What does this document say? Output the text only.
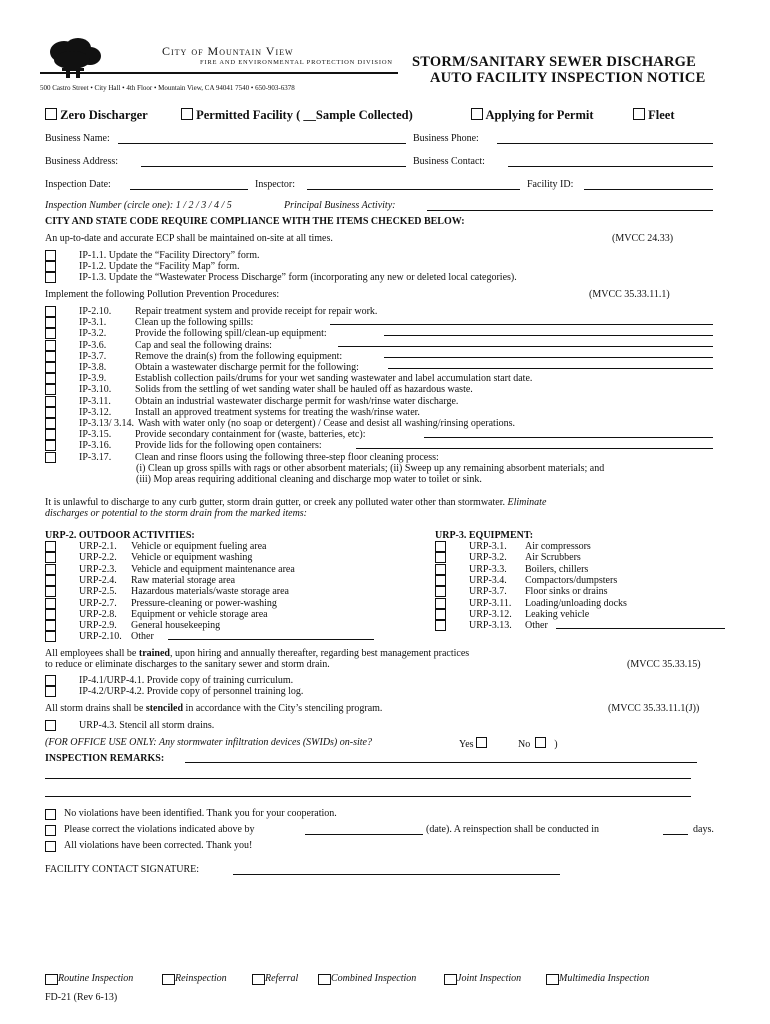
City of Mountain View
FIRE AND ENVIRONMENTAL PROTECTION DIVISION
500 Castro Street • City Hall • 4th Floor • Mountain View, CA 94041 7540 • 650-903-6378
STORM/SANITARY SEWER DISCHARGE
AUTO FACILITY INSPECTION NOTICE
Zero Discharger	Permitted Facility ( __Sample Collected)	Applying for Permit	Fleet
Business Name:	Business Phone:
Business Address:	Business Contact:
Inspection Date:	Inspector:	Facility ID:
Inspection Number (circle one): 1 / 2 / 3 / 4 / 5	Principal Business Activity:
CITY AND STATE CODE REQUIRE COMPLIANCE WITH THE ITEMS CHECKED BELOW:
An up-to-date and accurate ECP shall be maintained on-site at all times.	(MVCC 24.33)
IP-1.1. Update the “Facility Directory” form.
IP-1.2. Update the “Facility Map” form.
IP-1.3. Update the “Wastewater Process Discharge” form (incorporating any new or deleted local categories).
Implement the following Pollution Prevention Procedures:	(MVCC 35.33.11.1)
IP-2.10. Repair treatment system and provide receipt for repair work.
IP-3.1.	Clean up the following spills:
IP-3.2.	Provide the following spill/clean-up equipment:
IP-3.6.	Cap and seal the following drains:
IP-3.7.	Remove the drain(s) from the following equipment:
IP-3.8.	Obtain a wastewater discharge permit for the following:
IP-3.9.	Establish collection pails/drums for your wet sanding wastewater and label accumulation start date.
IP-3.10. Solids from the settling of wet sanding water shall be hauled off as hazardous waste.
IP-3.11. Obtain an industrial wastewater discharge permit for wash/rinse water discharge.
IP-3.12. Install an approved treatment systems for treating the wash/rinse water.
IP-3.13/ 3.14. Wash with water only (no soap or detergent) / Cease and desist all washing/rinsing operations.
IP-3.15. Provide secondary containment for (waste, batteries, etc):
IP-3.16. Provide lids for the following open containers:
IP-3.17. Clean and rinse floors using the following three-step floor cleaning process:
(i) Clean up gross spills with rags or other absorbent materials; (ii) Sweep up any remaining absorbent materials; and
(iii) Mop areas requiring additional cleaning and discharge mop water to toilet or sink.
It is unlawful to discharge to any curb gutter, storm drain gutter, or creek any polluted water other than stormwater. Eliminate
discharges or potential to the storm drain from the marked items:
URP-2. OUTDOOR ACTIVITIES:	URP-3. EQUIPMENT:
URP-2.1. Vehicle or equipment fueling area
URP-2.2. Vehicle or equipment washing
URP-2.3. Vehicle and equipment maintenance area
URP-2.4. Raw material storage area
URP-2.5. Hazardous materials/waste storage area
URP-2.7. Pressure-cleaning or power-washing
URP-2.8. Equipment or vehicle storage area
URP-2.9. General housekeeping
URP-2.10. Other
URP-3.1. Air compressors
URP-3.2. Air Scrubbers
URP-3.3. Boilers, chillers
URP-3.4. Compactors/dumpsters
URP-3.7. Floor sinks or drains
URP-3.11. Loading/unloading docks
URP-3.12. Leaking vehicle
URP-3.13. Other
All employees shall be trained, upon hiring and annually thereafter, regarding best management practices
to reduce or eliminate discharges to the sanitary sewer and storm drain.	(MVCC 35.33.15)
IP-4.1/URP-4.1. Provide copy of training curriculum.
IP-4.2/URP-4.2. Provide copy of personnel training log.
All storm drains shall be stenciled in accordance with the City’s stenciling program.	(MVCC 35.33.11.1(J))
URP-4.3. Stencil all storm drains.
(FOR OFFICE USE ONLY: Any stormwater infiltration devices (SWIDs) on-site?	Yes	No )
INSPECTION REMARKS:
No violations have been identified. Thank you for your cooperation.
Please correct the violations indicated above by	(date). A reinspection shall be conducted in	days.
All violations have been corrected. Thank you!
FACILITY CONTACT SIGNATURE:
Routine Inspection	Reinspection	Referral	Combined Inspection	Joint Inspection	Multimedia Inspection
FD-21 (Rev 6-13)
